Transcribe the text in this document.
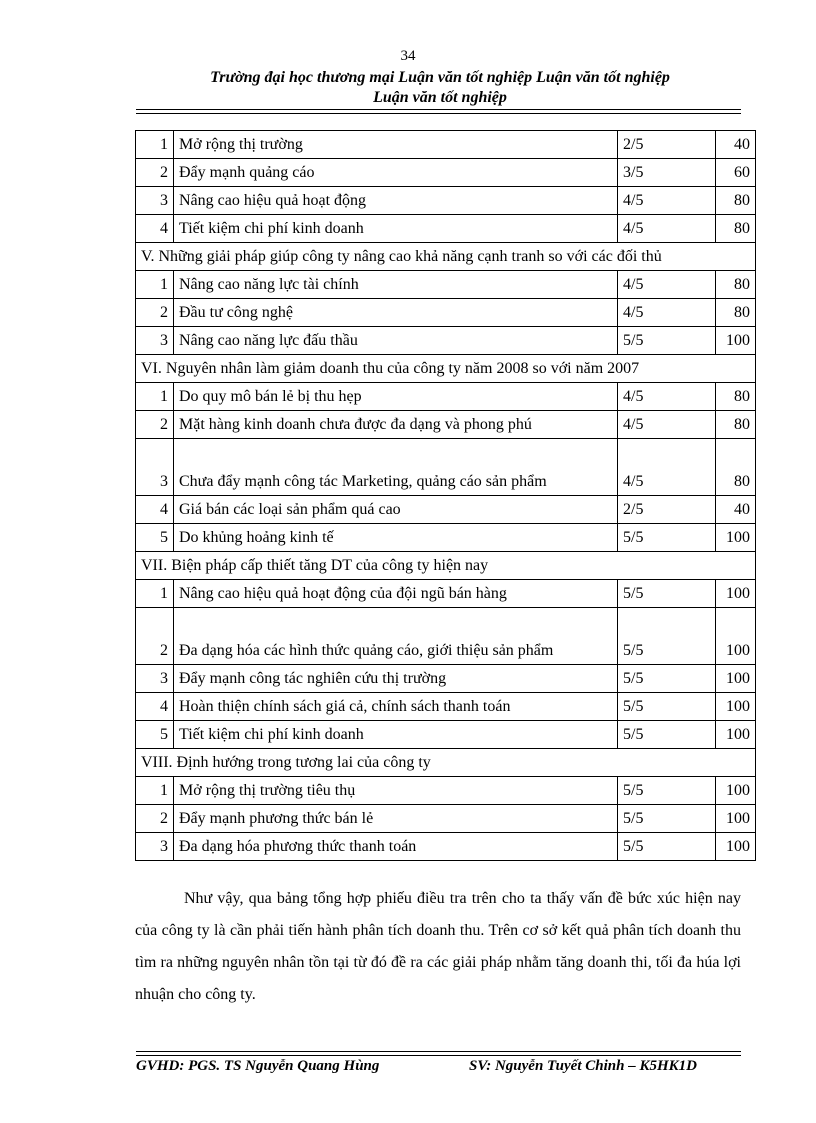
34
Trường đại học thương mại Luận văn tốt nghiệp Luận văn tốt nghiệp
Luận văn tốt nghiệp
1	Mở rộng thị trường	2/5	40
2	Đẩy mạnh quảng cáo	3/5	60
3	Nâng cao hiệu quả hoạt động	4/5	80
4	Tiết kiệm chi phí kinh doanh	4/5	80
V. Những giải pháp giúp công ty nâng cao khả năng cạnh tranh so với các đối thủ			
1	Nâng cao năng lực tài chính	4/5	80
2	Đầu tư công nghệ	4/5	80
3	Nâng cao năng lực đấu thầu	5/5	100
VI. Nguyên nhân làm giảm doanh thu của công ty năm 2008 so với năm 2007			
1	Do quy mô bán lẻ bị thu hẹp	4/5	80
2	Mặt hàng kinh doanh chưa được đa dạng và phong phú	4/5	80
3	Chưa đẩy mạnh công tác Marketing, quảng cáo sản phẩm	4/5	80
4	Giá bán các loại sản phẩm quá cao	2/5	40
5	Do khủng hoảng kinh tế	5/5	100
VII. Biện pháp cấp thiết tăng DT của công ty hiện nay			
1	Nâng cao hiệu quả hoạt động của đội ngũ bán hàng	5/5	100
2	Đa dạng hóa các hình thức quảng cáo, giới thiệu sản phẩm	5/5	100
3	Đẩy mạnh công tác nghiên cứu thị trường	5/5	100
4	Hoàn thiện chính sách giá cả, chính sách thanh toán	5/5	100
5	Tiết kiệm chi phí kinh doanh	5/5	100
VIII. Định hướng trong tương lai của công ty			
1	Mở rộng thị trường tiêu thụ	5/5	100
2	Đẩy mạnh phương thức bán lẻ	5/5	100
3	Đa dạng hóa phương thức thanh toán	5/5	100

Như vậy, qua bảng tổng hợp phiếu điều tra trên cho ta thấy vấn đề bức xúc hiện nay của công ty là cần phải tiến hành phân tích doanh thu. Trên cơ sở kết quả phân tích doanh thu tìm ra những nguyên nhân tồn tại từ đó đề ra các giải pháp nhằm tăng doanh thi, tối đa húa lợi nhuận cho công ty.

GVHD: PGS. TS Nguyễn Quang Hùng	SV: Nguyễn Tuyết Chinh – K5HK1D
